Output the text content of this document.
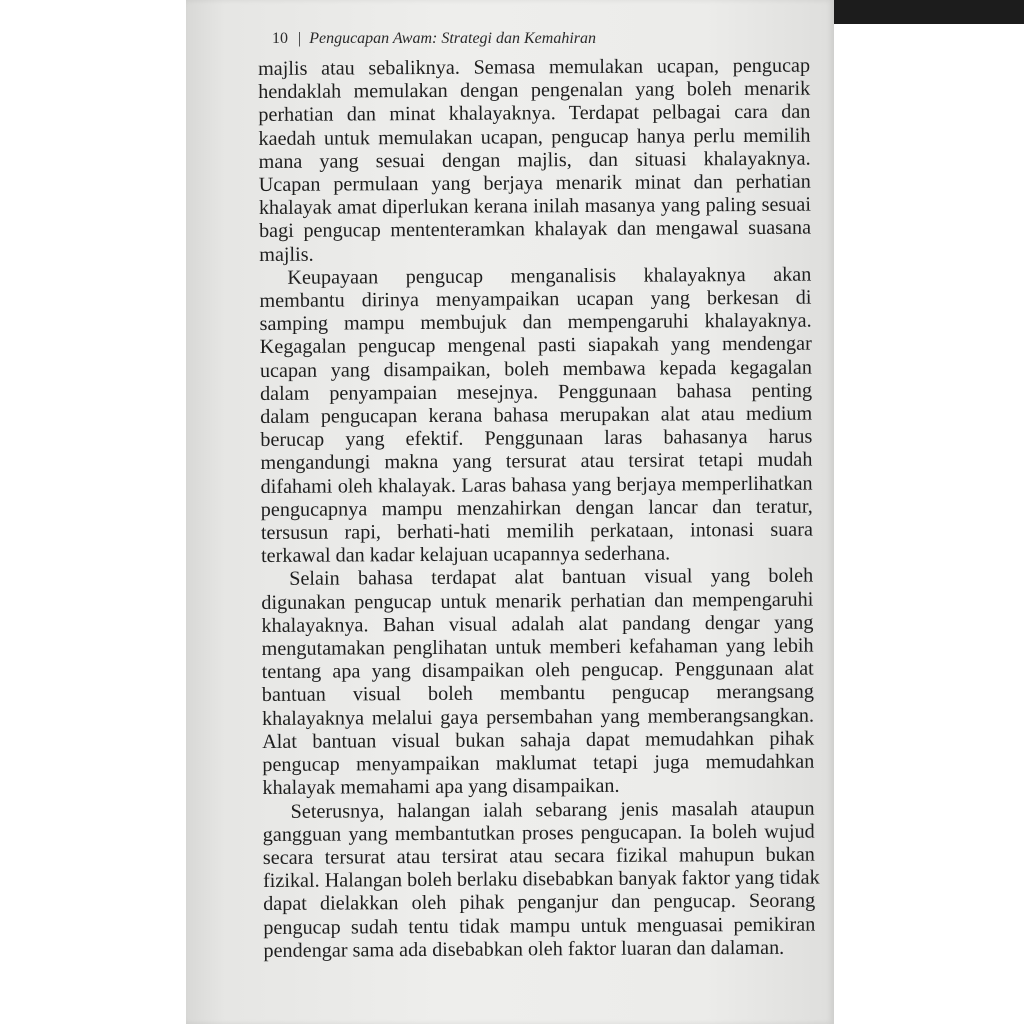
10 | Pengucapan Awam: Strategi dan Kemahiran
majlis atau sebaliknya. Semasa memulakan ucapan, pengucap
hendaklah memulakan dengan pengenalan yang boleh menarik
perhatian dan minat khalayaknya. Terdapat pelbagai cara dan
kaedah untuk memulakan ucapan, pengucap hanya perlu memilih
mana yang sesuai dengan majlis, dan situasi khalayaknya.
Ucapan permulaan yang berjaya menarik minat dan perhatian
khalayak amat diperlukan kerana inilah masanya yang paling sesuai
bagi pengucap mententeramkan khalayak dan mengawal suasana
majlis.
Keupayaan pengucap menganalisis khalayaknya akan
membantu dirinya menyampaikan ucapan yang berkesan di
samping mampu membujuk dan mempengaruhi khalayaknya.
Kegagalan pengucap mengenal pasti siapakah yang mendengar
ucapan yang disampaikan, boleh membawa kepada kegagalan
dalam penyampaian mesejnya. Penggunaan bahasa penting
dalam pengucapan kerana bahasa merupakan alat atau medium
berucap yang efektif. Penggunaan laras bahasanya harus
mengandungi makna yang tersurat atau tersirat tetapi mudah
difahami oleh khalayak. Laras bahasa yang berjaya memperlihatkan
pengucapnya mampu menzahirkan dengan lancar dan teratur,
tersusun rapi, berhati-hati memilih perkataan, intonasi suara
terkawal dan kadar kelajuan ucapannya sederhana.
Selain bahasa terdapat alat bantuan visual yang boleh
digunakan pengucap untuk menarik perhatian dan mempengaruhi
khalayaknya. Bahan visual adalah alat pandang dengar yang
mengutamakan penglihatan untuk memberi kefahaman yang lebih
tentang apa yang disampaikan oleh pengucap. Penggunaan alat
bantuan visual boleh membantu pengucap merangsang
khalayaknya melalui gaya persembahan yang memberangsangkan.
Alat bantuan visual bukan sahaja dapat memudahkan pihak
pengucap menyampaikan maklumat tetapi juga memudahkan
khalayak memahami apa yang disampaikan.
Seterusnya, halangan ialah sebarang jenis masalah ataupun
gangguan yang membantutkan proses pengucapan. Ia boleh wujud
secara tersurat atau tersirat atau secara fizikal mahupun bukan
fizikal. Halangan boleh berlaku disebabkan banyak faktor yang tidak
dapat dielakkan oleh pihak penganjur dan pengucap. Seorang
pengucap sudah tentu tidak mampu untuk menguasai pemikiran
pendengar sama ada disebabkan oleh faktor luaran dan dalaman.
